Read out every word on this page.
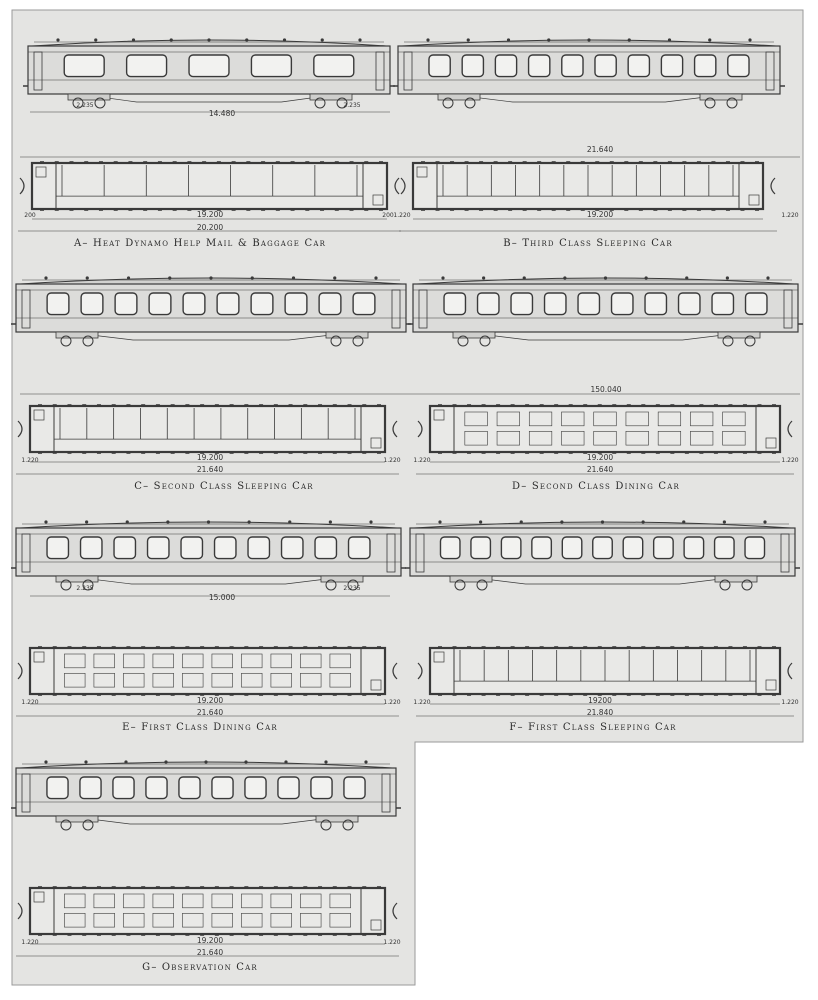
A– Heat Dynamo Help Mail & Baggage Car	B– Third Class Sleeping Car
C– Second Class Sleeping Car	D– Second Class Dining Car
E– First Class Dining Car	F– First Class Sleeping Car
G– Observation Car
14.480
2.235	2.235
19.200
20.200
200	200
21.640
19.200
1.220	1.220
19.200
21.640
1.220	1.220
150.040
19.200
21.640
1.220	1.220
15.000
2.235	2.235
19.200
21.640
1.220	1.220	19200
21.840
1.220	1.220
19.200
21.640
1.220	1.220
